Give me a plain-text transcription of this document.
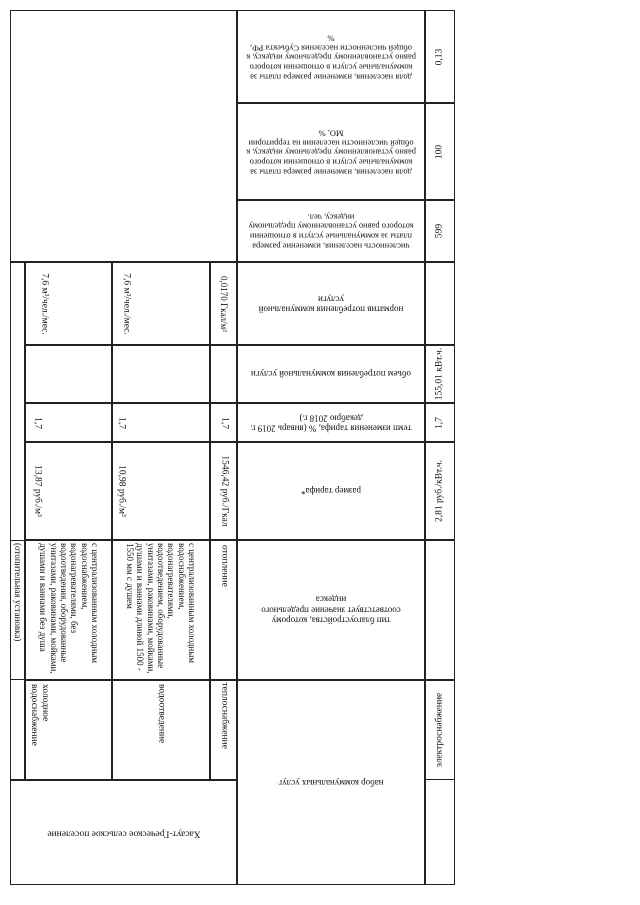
набор коммунальных услуг
тип благоустройства, которому соответствует значение предельного индекса
размер тарифа*
темп изменения тарифа, % (январь 2019 г. декабрю 2018 г.)
объем потребления коммунальной услуги
норматив потребления коммунальной услуги
численность населения, изменение размера платы за коммунальные услуги в отношении которого равно установленному предельному индексу, чел.
доля населения, изменение размера платы за коммунальные услуги в отношении которого равно установленному предельному индексу, к общей численности населения на территории МО, %
доля населения, изменение размера платы за коммунальные услуги в отношении которого равно установленному предельному индексу, к общей численности населения Субъекта РФ, %
Хасаут-Греческое сельское поселение
599
100
0,13
электроснабжение
2,81 руб./кВт.ч.
1,7
155,01 кВт.ч.
теплоснабжение
отопление
1546,42 руб./Гкал
1,7
0,0170 Гкал/м²
водоотведение
с централизованным холодным водоснабжением, водонагревателями, водоотведением, оборудованные унитазами, раковинами, мойками, душами и ваннами длиной 1500 - 1550 мм с душем
10,98 руб./м³
1,7
7,6 м³/чел./мес.
холодное водоснабжение
с централизованным холодным водоснабжением, водонагревателями, без водоотведения, оборудованные унитазами, раковинами, мойками, душами и ваннами без душа
13,87 руб./м³
1,7
7,6 м³/чел./мес.
(отопительная установка)
